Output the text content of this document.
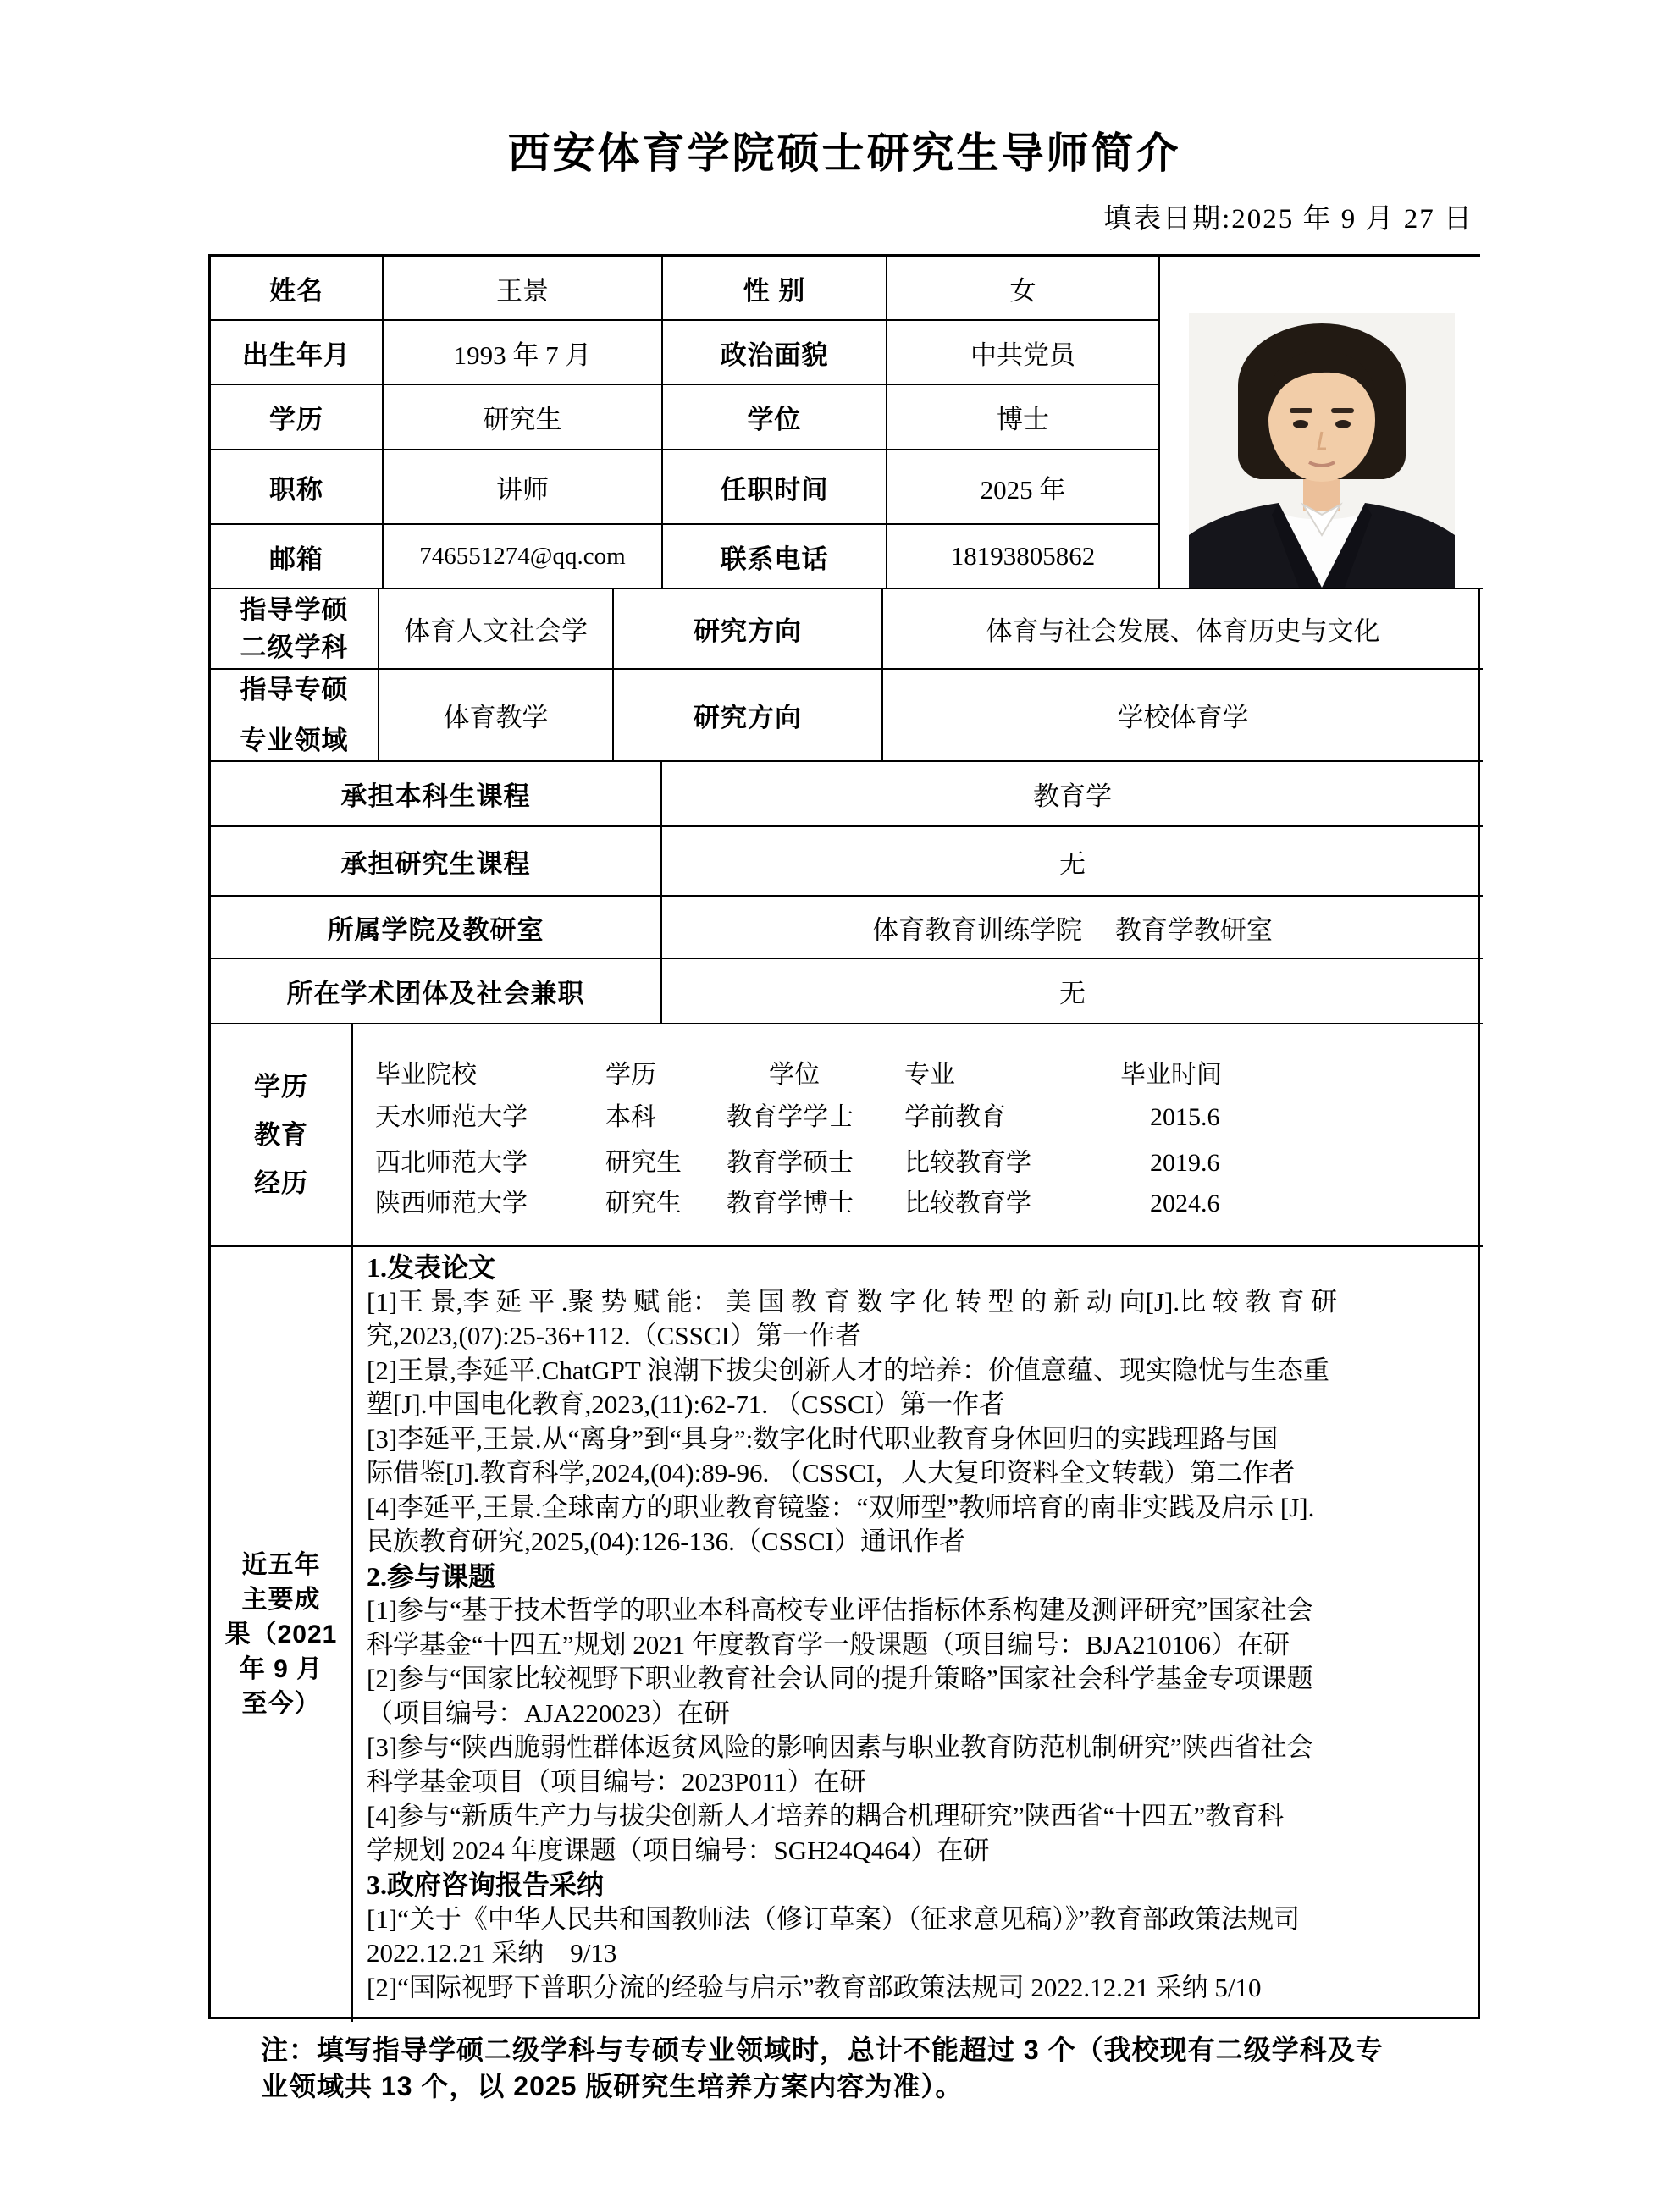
西安体育学院硕士研究生导师简介
填表日期:2025 年 9 月 27 日
姓名	王景	性 别	女
出生年月	1993 年 7 月	政治面貌	中共党员
学历	研究生	学位	博士
职称	讲师	任职时间	2025 年
邮箱	746551274@qq.com	联系电话	18193805862
指导学硕
二级学科
体育人文社会学	研究方向	体育与社会发展、体育历史与文化
指导专硕
专业领域
体育教学	研究方向	学校体育学
承担本科生课程	教育学
承担研究生课程	无
所属学院及教研室	体育教育训练学院　 教育学教研室
所在学术团体及社会兼职	无
学历
教育
经历
毕业院校	学历	学位	专业	毕业时间
天水师范大学	本科	教育学学士 学前教育	2015.6
西北师范大学	研究生 教育学硕士 比较教育学	2019.6
陕西师范大学	研究生 教育学博士 比较教育学	2024.6
近五年
主要成
果（2021
年 9 月
至今）
1.发表论文
[1]王 景,李 延 平 .聚 势 赋 能： 美 国 教 育 数 字 化 转 型 的 新 动 向[J].比 较 教 育 研
究,2023,(07):25-36+112.（CSSCI）第一作者
[2]王景,李延平.ChatGPT 浪潮下拔尖创新人才的培养：价值意蕴、现实隐忧与生态重
塑[J].中国电化教育,2023,(11):62-71. （CSSCI）第一作者
[3]李延平,王景.从“离身”到“具身”:数字化时代职业教育身体回归的实践理路与国
际借鉴[J].教育科学,2024,(04):89-96. （CSSCI，人大复印资料全文转载）第二作者
[4]李延平,王景.全球南方的职业教育镜鉴：“双师型”教师培育的南非实践及启示 [J].
民族教育研究,2025,(04):126-136.（CSSCI）通讯作者
2.参与课题
[1]参与“基于技术哲学的职业本科高校专业评估指标体系构建及测评研究”国家社会
科学基金“十四五”规划 2021 年度教育学一般课题（项目编号：BJA210106）在研
[2]参与“国家比较视野下职业教育社会认同的提升策略”国家社会科学基金专项课题
（项目编号：AJA220023）在研
[3]参与“陕西脆弱性群体返贫风险的影响因素与职业教育防范机制研究”陕西省社会
科学基金项目（项目编号：2023P011）在研
[4]参与“新质生产力与拔尖创新人才培养的耦合机理研究”陕西省“十四五”教育科
学规划 2024 年度课题（项目编号：SGH24Q464）在研
3.政府咨询报告采纳
[1]“关于《中华人民共和国教师法（修订草案）（征求意见稿）》”教育部政策法规司
2022.12.21 采纳　9/13
[2]“国际视野下普职分流的经验与启示”教育部政策法规司 2022.12.21 采纳 5/10
注：填写指导学硕二级学科与专硕专业领域时，总计不能超过 3 个（我校现有二级学科及专
业领域共 13 个，以 2025 版研究生培养方案内容为准）。
